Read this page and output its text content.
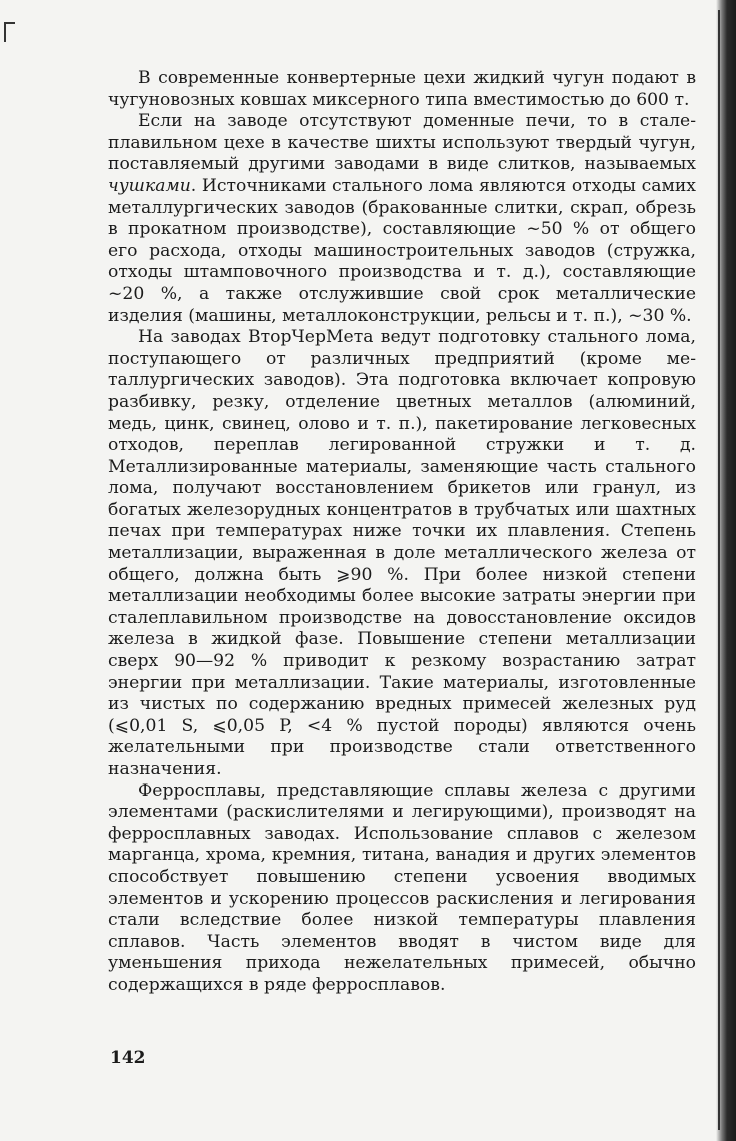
В современные конвертерные цехи жидкий чугун подают в чугуновозных ковшах миксерного типа вместимостью до 600 т.

Если на заводе отсутствуют доменные печи, то в сталеплавильном цехе в качестве шихты используют твердый чугун, поставляемый другими заводами в виде слитков, называемых чушками. Источниками стального лома являются отходы самих металлургических заводов (бракованные слитки, скрап, обрезь в прокатном производстве), составляющие ~50 % от общего его расхода, отходы машиностроительных заводов (стружка, отходы штамповочного производства и т. д.), составляющие ~20 %, а также отслужившие свой срок металлические изделия (машины, металлоконструкции, рельсы и т. п.), ~30 %.

На заводах ВторЧерМета ведут подготовку стального лома, поступающего от различных предприятий (кроме металлургических заводов). Эта подготовка включает копровую разбивку, резку, отделение цветных металлов (алюминий, медь, цинк, свинец, олово и т. п.), пакетирование легковесных отходов, переплав легированной стружки и т. д. Металлизированные материалы, заменяющие часть стального лома, получают восстановлением брикетов или гранул, из богатых железорудных концентратов в трубчатых или шахтных печах при температурах ниже точки их плавления. Степень металлизации, выраженная в доле металлического железа от общего, должна быть ⩾90 %. При более низкой степени металлизации необходимы более высокие затраты энергии при сталеплавильном производстве на довосстановление оксидов железа в жидкой фазе. Повышение степени металлизации сверх 90—92 % приводит к резкому возрастанию затрат энергии при металлизации. Такие материалы, изготовленные из чистых по содержанию вредных примесей железных руд (⩽0,01 S, ⩽0,05 P, <4 % пустой породы) являются очень желательными при производстве стали ответственного назначения.

Ферросплавы, представляющие сплавы железа с другими элементами (раскислителями и легирующими), производят на ферросплавных заводах. Использование сплавов с железом марганца, хрома, кремния, титана, ванадия и других элементов способствует повышению степени усвоения вводимых элементов и ускорению процессов раскисления и легирования стали вследствие более низкой температуры плавления сплавов. Часть элементов вводят в чистом виде для уменьшения прихода нежелательных примесей, обычно содержащихся в ряде ферросплавов.

142
